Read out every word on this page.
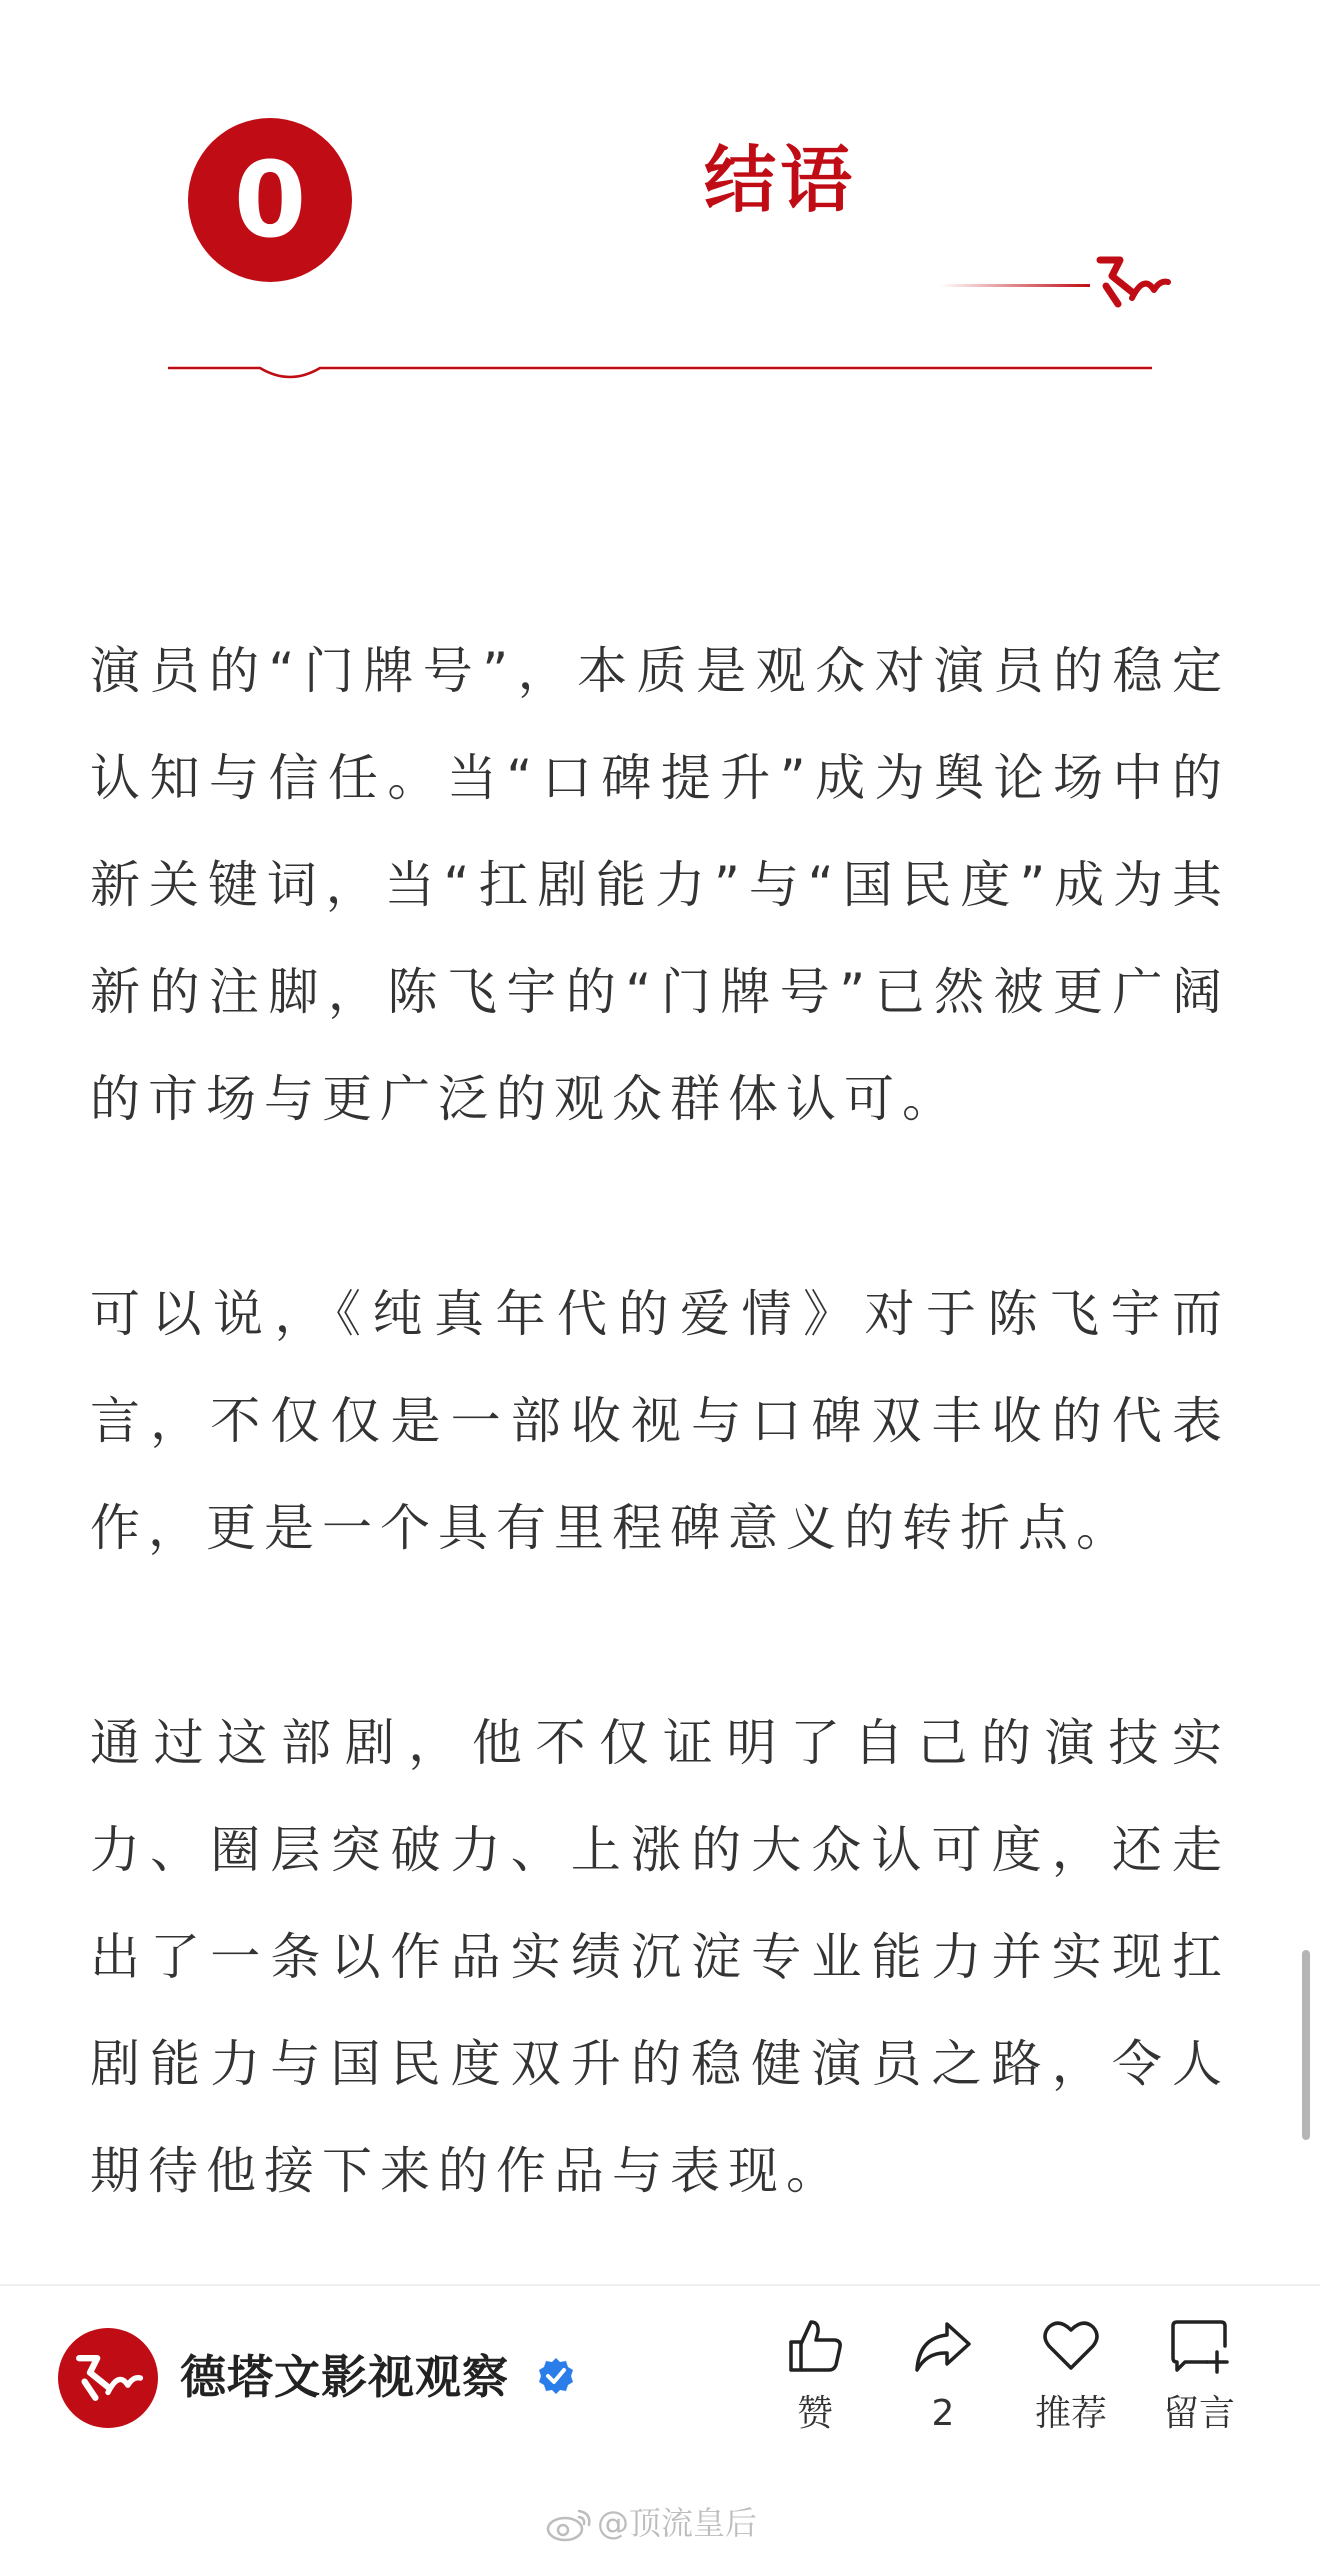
0	结语

演员的“门牌号”，本质是观众对演员的稳定认知与信任。当“口碑提升”成为舆论场中的新关键词，当“扛剧能力”与“国民度”成为其新的注脚，陈飞宇的“门牌号”已然被更广阔的市场与更广泛的观众群体认可。

可以说，《纯真年代的爱情》对于陈飞宇而言，不仅仅是一部收视与口碑双丰收的代表作，更是一个具有里程碑意义的转折点。

通过这部剧，他不仅证明了自己的演技实力、圈层突破力、上涨的大众认可度，还走出了一条以作品实绩沉淀专业能力并实现扛剧能力与国民度双升的稳健演员之路，令人期待他接下来的作品与表现。

德塔文影视观察
赞	2	推荐	留言
@顶流皇后
